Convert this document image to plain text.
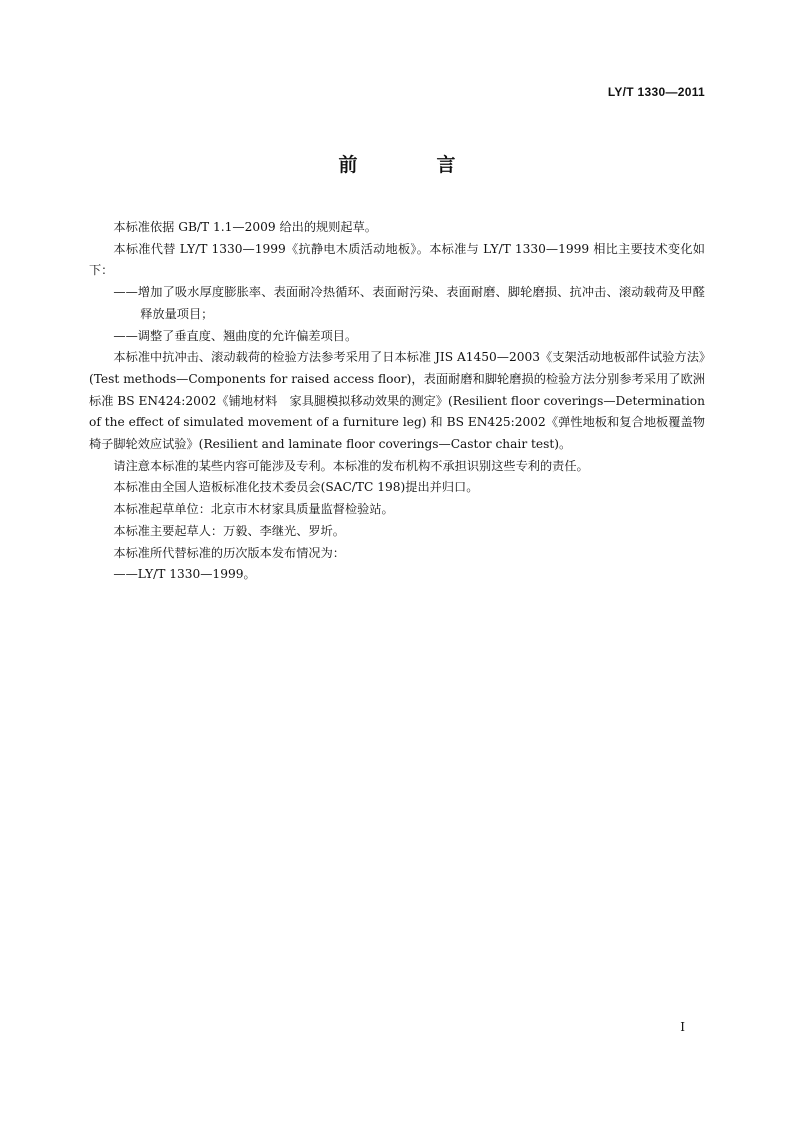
LY/T 1330—2011
前　言

本标准依据 GB/T 1.1—2009 给出的规则起草。

本标准代替 LY/T 1330—1999《抗静电木质活动地板》。本标准与 LY/T 1330—1999 相比主要技术变化如下：

——增加了吸水厚度膨胀率、表面耐冷热循环、表面耐污染、表面耐磨、脚轮磨损、抗冲击、滚动载荷及甲醛释放量项目；

——调整了垂直度、翘曲度的允许偏差项目。

本标准中抗冲击、滚动载荷的检验方法参考采用了日本标准 JIS A1450—2003《支架活动地板部件试验方法》(Test methods—Components for raised access floor)，表面耐磨和脚轮磨损的检验方法分别参考采用了欧洲标准 BS EN424:2002《铺地材料　家具腿模拟移动效果的测定》(Resilient floor coverings—Determination of the effect of simulated movement of a furniture leg) 和 BS EN425:2002《弹性地板和复合地板覆盖物　椅子脚轮效应试验》(Resilient and laminate floor coverings—Castor chair test)。

请注意本标准的某些内容可能涉及专利。本标准的发布机构不承担识别这些专利的责任。

本标准由全国人造板标准化技术委员会(SAC/TC 198)提出并归口。

本标准起草单位：北京市木材家具质量监督检验站。

本标准主要起草人：万毅、李继光、罗圻。

本标准所代替标准的历次版本发布情况为：

——LY/T 1330—1999。

I
